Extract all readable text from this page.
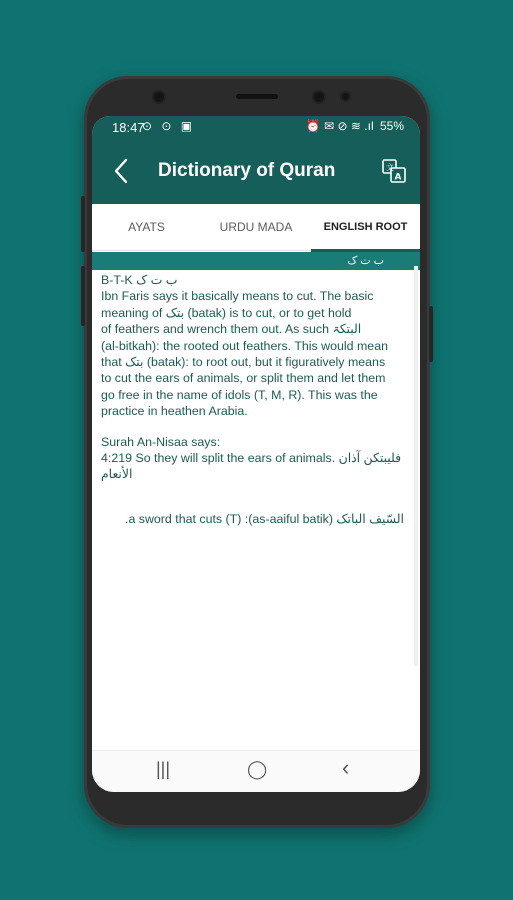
18:47
⊙ ⊙ ▣	⏰ ✉ ⊘ ≋ .ıl 55%
Dictionary of Quran	文
A
AYATS	URDU MADA	ENGLISH ROOT
ب ت ک

B-T-K ب ت ک

Ibn Faris says it basically means to cut. The basic

meaning of بتک (batak) is to cut, or to get hold

of feathers and wrench them out. As such البتکۃ

(al-bitkah): the rooted out feathers. This would mean

that بتک (batak): to root out, but it figuratively means

to cut the ears of animals, or split them and let them

go free in the name of idols (T, M, R). This was the

practice in heathen Arabia.

Surah An-Nisaa says:

4:219 So they will split the ears of animals. فلیبتکن آذان

الأنعام

.a sword that cuts (T) :(as-aaiful batik) السّیف الباتک

|||	◯	‹
